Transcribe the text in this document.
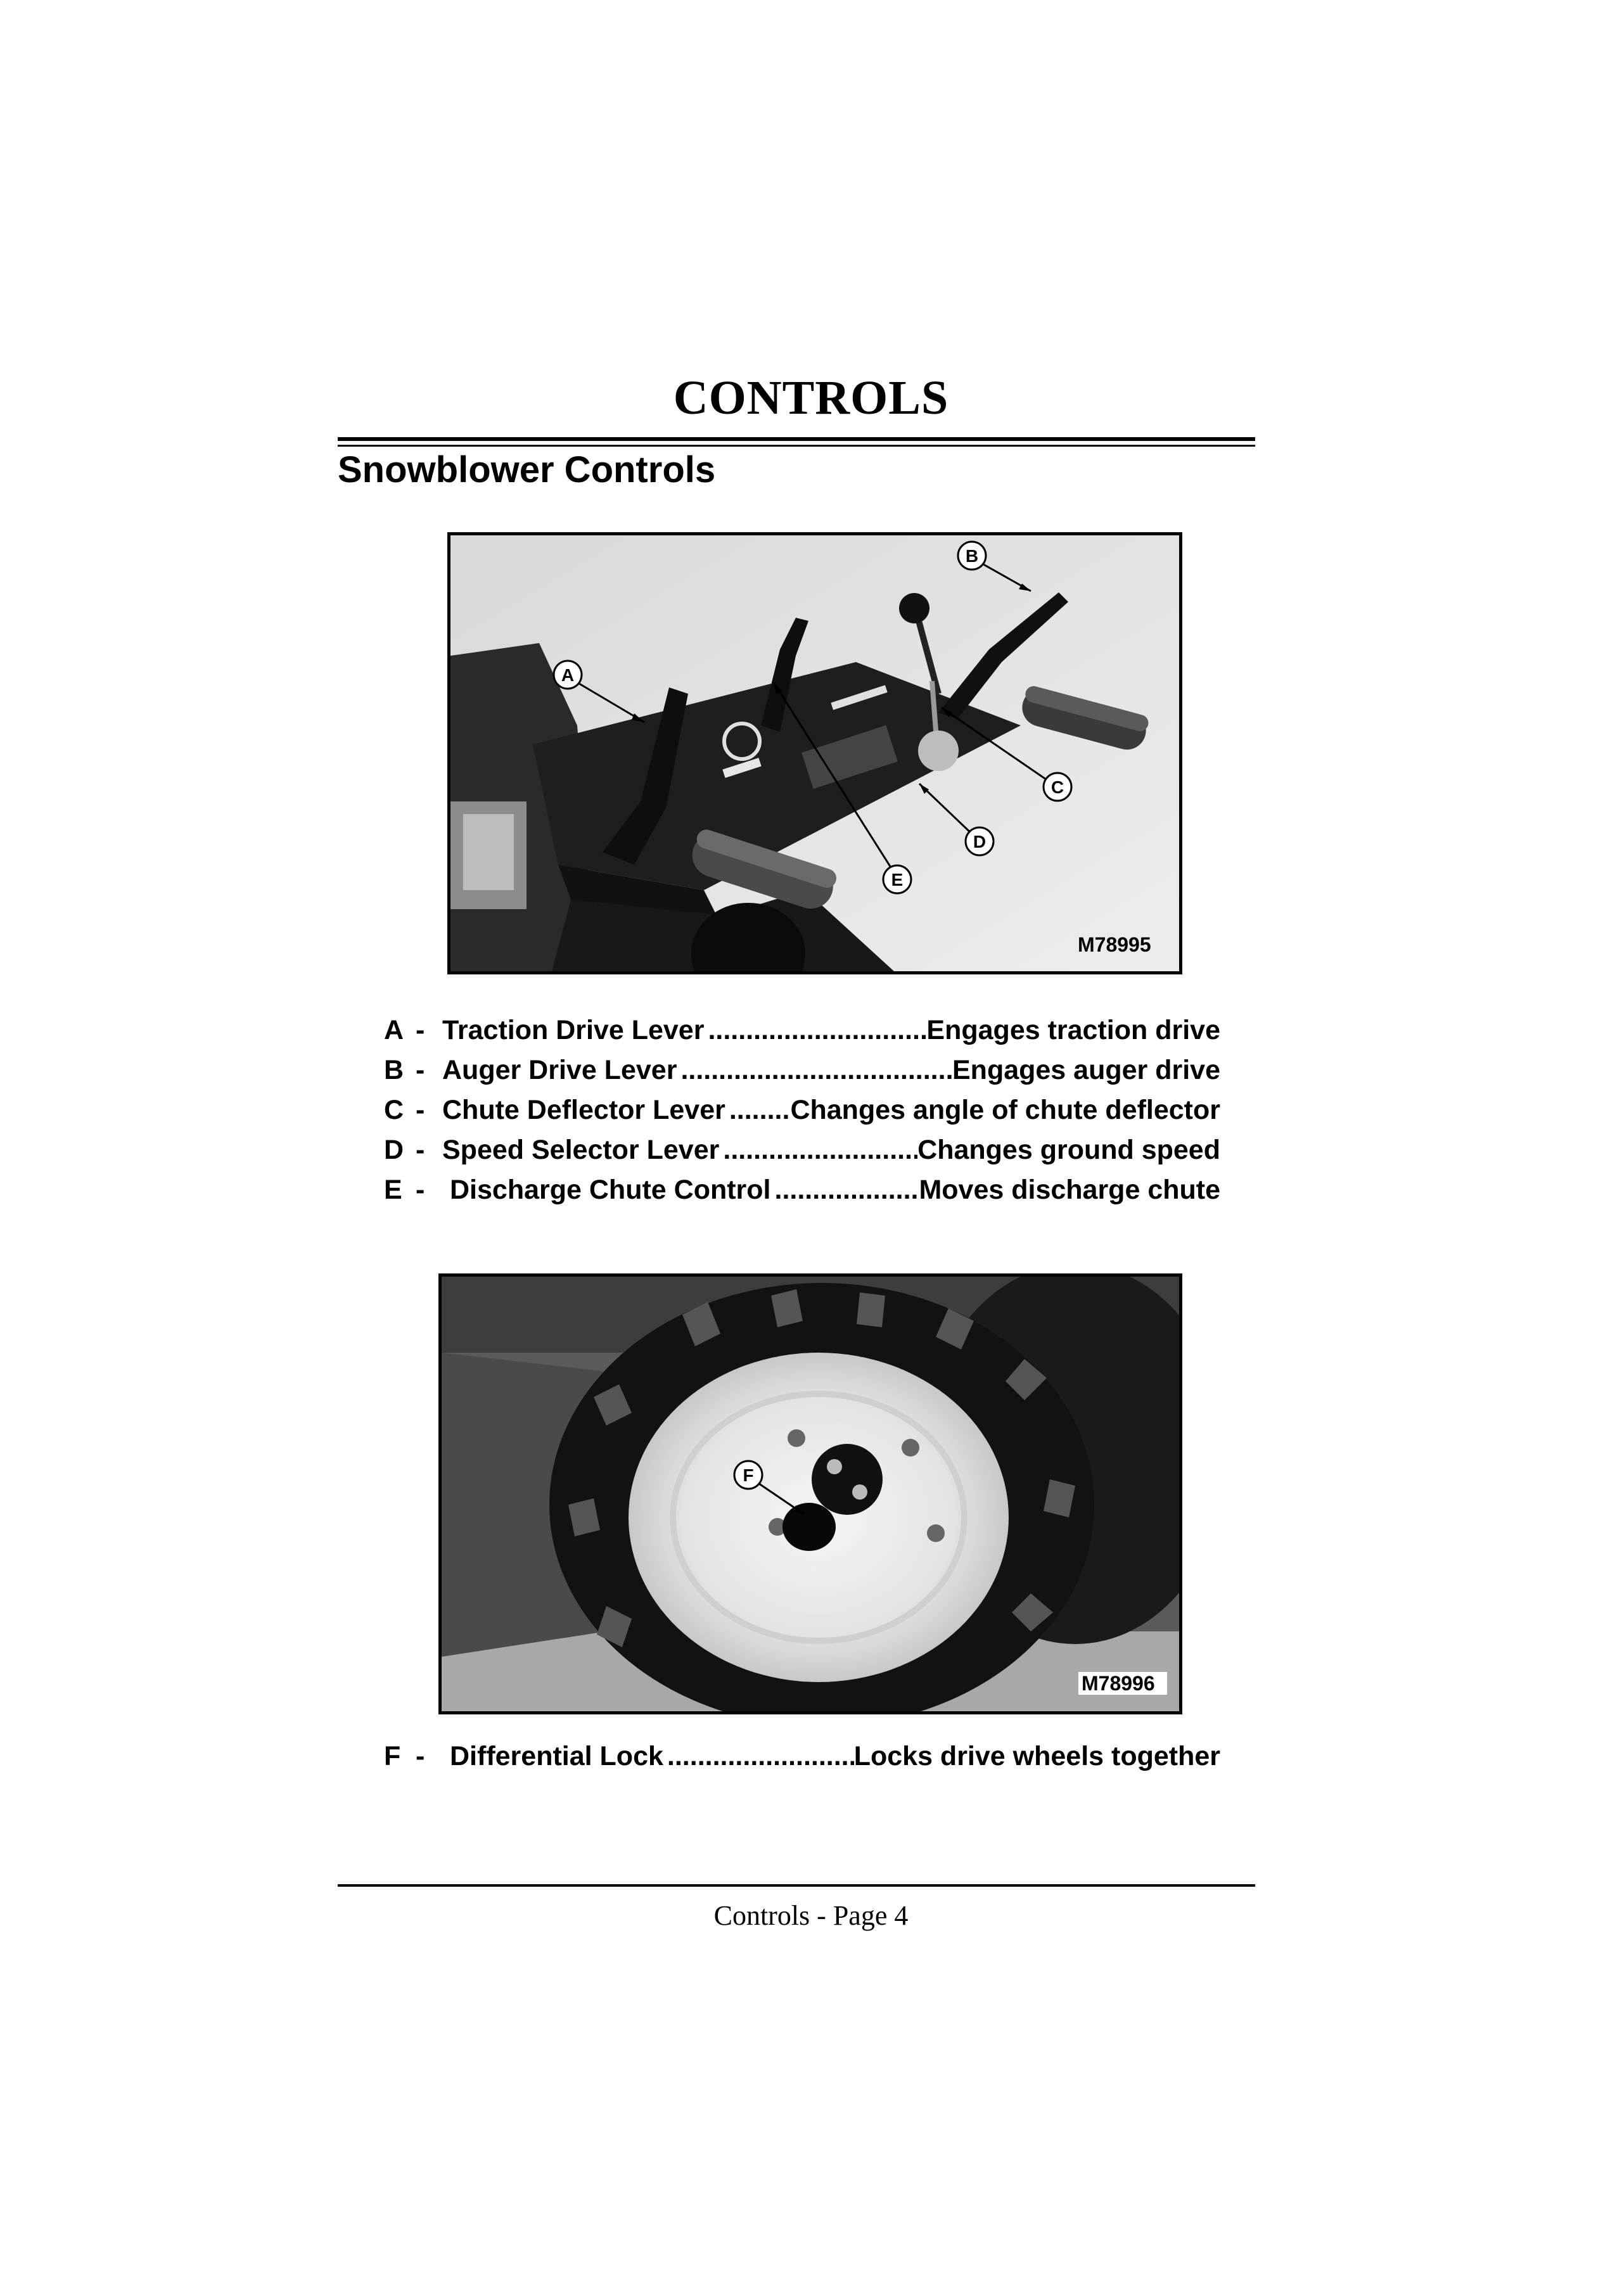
CONTROLS
Snowblower Controls
A
B
C
D
E
M78995
A - Traction Drive Lever .....	Engages traction drive
B - Auger Drive Lever .....	Engages auger drive
C - Chute Deflector Lever ..... Changes angle of chute deflector
D - Speed Selector Lever .....	Changes ground speed
E - Discharge Chute Control .....	Moves discharge chute
F
M78996
F - Differential Lock .....	Locks drive wheels together
Controls - Page 4
